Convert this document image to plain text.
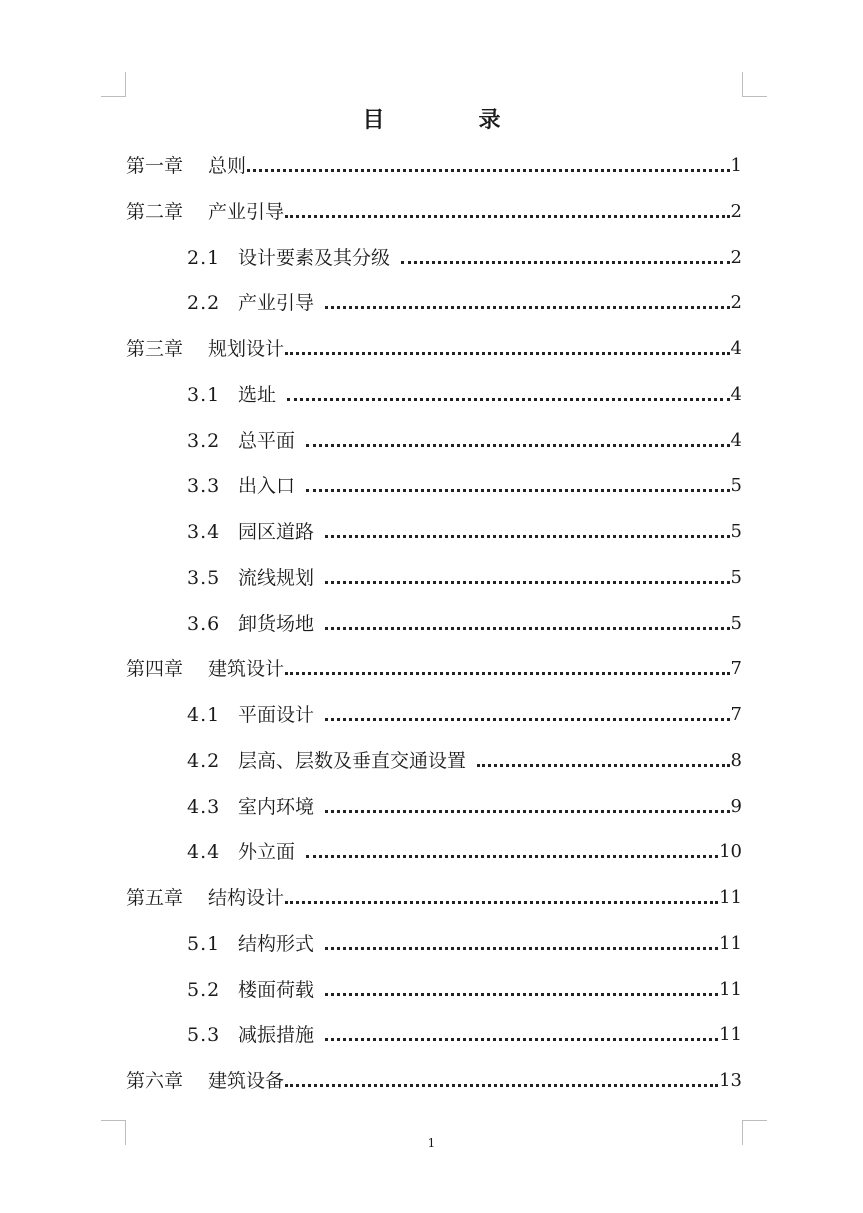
目　录
第一章	总则	1
第二章	产业引导	2
2.1 设计要素及其分级	2
2.2 产业引导	2
第三章	规划设计	4
3.1 选址	4
3.2 总平面	4
3.3 出入口	5
3.4 园区道路	5
3.5 流线规划	5
3.6 卸货场地	5
第四章	建筑设计	7
4.1 平面设计	7
4.2 层高、层数及垂直交通设置	8
4.3 室内环境	9
4.4 外立面	10
第五章	结构设计	11
5.1 结构形式	11
5.2 楼面荷载	11
5.3 减振措施	11
第六章	建筑设备	13
1
